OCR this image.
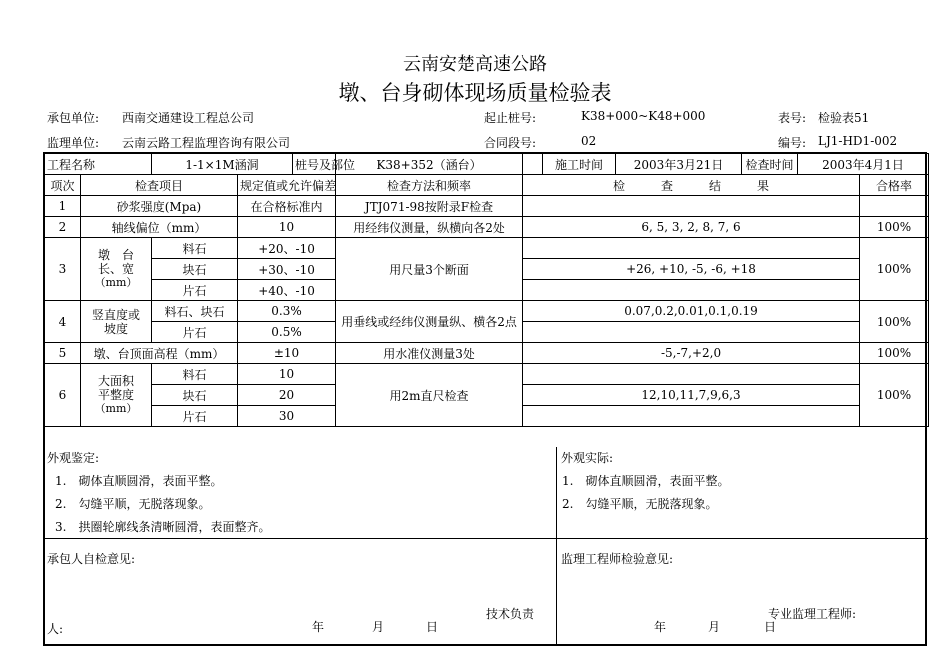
云南安楚高速公路
墩、台身砌体现场质量检验表
承包单位: 西南交通建设工程总公司	起止桩号:	K38+000~K48+000	表号: 检验表51
监理单位: 云南云路工程监理咨询有限公司	合同段号:	02	编号: LJ1-HD1-002
工程名称		1-1×1M涵洞		桩号及部位	K38+352（涵台）		施工时间	2003年3月21日	检查时间	2003年4月1日	
项次	检查项目		规定值或允许偏差		检查方法和频率	检　　　查　　　结　　　果					合格率
1	砂浆强度(Mpa)		在合格标准内		JTJ071-98按附录F检查						
2	轴线偏位（mm）		10		用经纬仪测量，纵横向各2处	6, 5, 3, 2, 8, 7, 6					100%
3	墩　台
长、宽
（mm）	料石	+20、-10		用尺量3个断面						100%
		块石	+30、-10			+26, +10, -5, -6, +18					
		片石	+40、-10								
4	竖直度或
坡度	料石、块石	0.3%		用垂线或经纬仪测量纵、横各2点	0.07,0.2,0.01,0.1,0.19					100%
		片石	0.5%								
5	墩、台顶面高程（mm）		±10		用水准仪测量3处	-5,-7,+2,0					100%
6	大面积
平整度
（mm）	料石	10		用2m直尺检查						100%
		块石	20			12,10,11,7,9,6,3					
		片石	30								
外观鉴定:
1.　砌体直顺圆滑，表面平整。
2.　勾缝平顺，无脱落现象。
3.　拱圈轮廓线条清晰圆滑，表面整齐。
外观实际:
1.　砌体直顺圆滑，表面平整。
2.　勾缝平顺，无脱落现象。
承包人自检意见:
技术负责
人:	年	月	日
监理工程师检验意见:
专业监理工程师:
年	月	日
